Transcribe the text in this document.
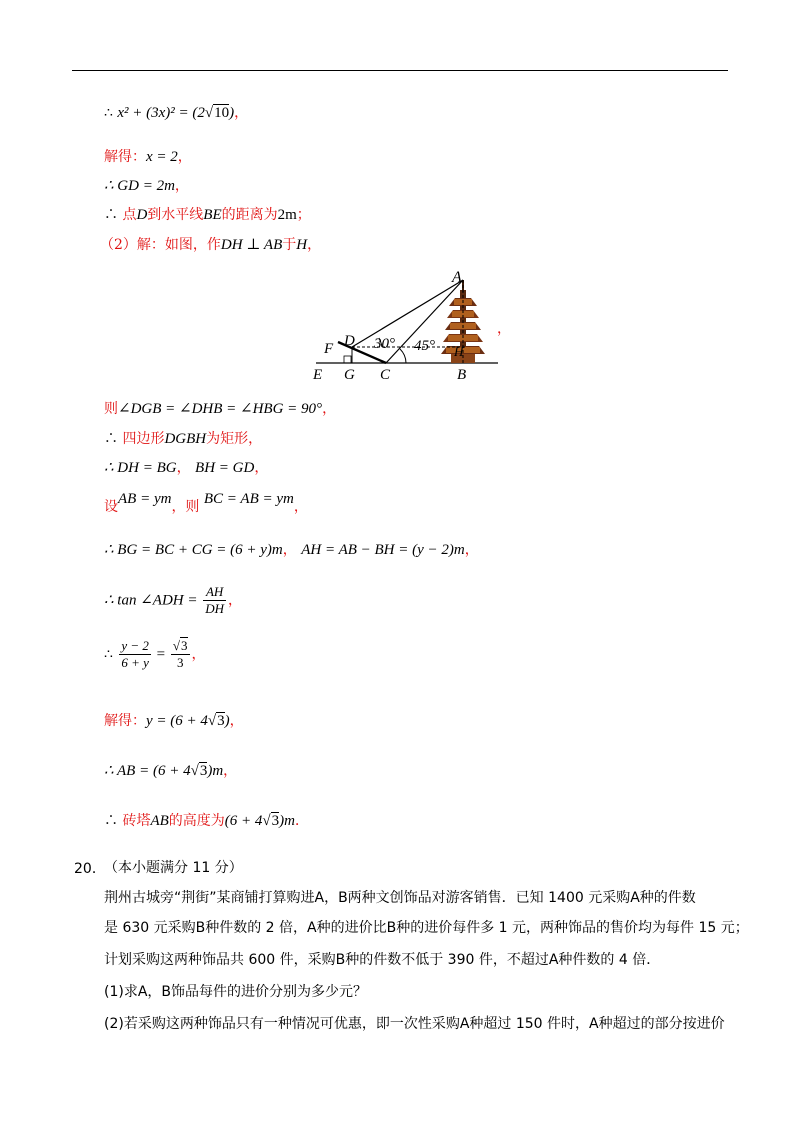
∴ x² + (3x)² = (2√10)，
解得：x = 2，
∴ GD = 2m，
∴ 点D到水平线BE的距离为2m；
（2）解：如图，作DH ⊥ AB于H，
A
D
F	H
E G C	B
30° 45°
，
则∠DGB = ∠DHB = ∠HBG = 90°，
∴ 四边形DGBH为矩形，
∴ DH = BG， BH = GD，
设AB = ym，则 BC = AB = ym，
∴ BG = BC + CG = (6 + y)m， AH = AB − BH = (y − 2)m，
∴ tan ∠ADH = $\frac{AH}{DH}$ ，
∴ $\frac{y - 2}{6 + y} = \frac{√3}{3}$ ，
解得：y = (6 + 4√3)，
∴ AB = (6 + 4√3)m，
∴ 砖塔AB的高度为(6 + 4√3)m．
20．
（本小题满分 11 分）
荆州古城旁“荆街”某商铺打算购进A，B两种文创饰品对游客销售．已知 1400 元采购A种的件数
是 630 元采购B种件数的 2 倍，A种的进价比B种的进价每件多 1 元，两种饰品的售价均为每件 15 元；
计划采购这两种饰品共 600 件，采购B种的件数不低于 390 件，不超过A种件数的 4 倍．
(1)求A，B饰品每件的进价分别为多少元？
(2)若采购这两种饰品只有一种情况可优惠，即一次性采购A种超过 150 件时，A种超过的部分按进价
